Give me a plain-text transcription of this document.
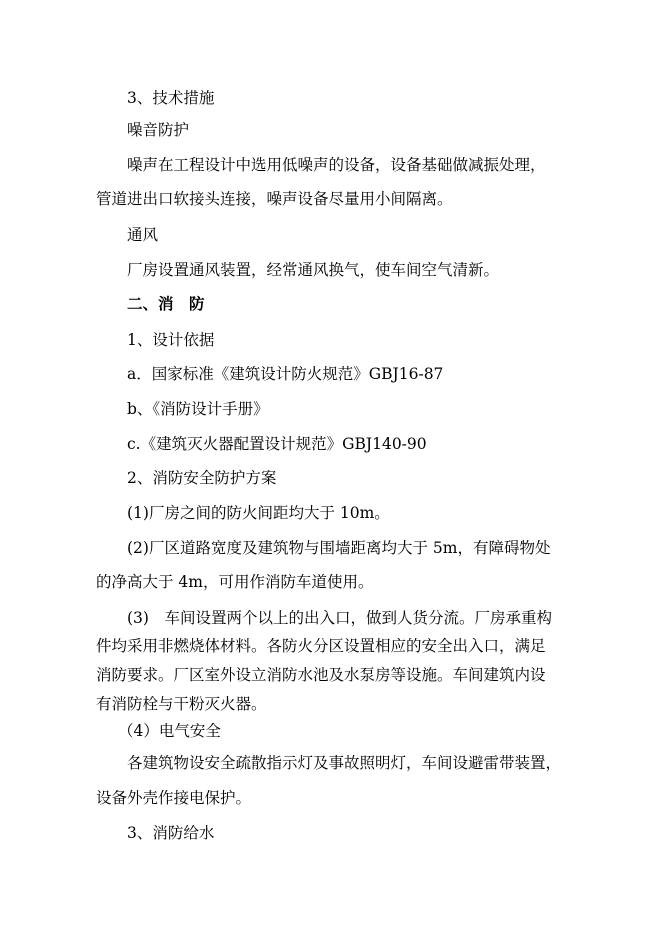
3、技术措施
噪音防护
噪声在工程设计中选用低噪声的设备，设备基础做减振处理，
管道进出口软接头连接，噪声设备尽量用小间隔离。
通风
厂房设置通风装置，经常通风换气，使车间空气清新。
二、消　防
1、设计依据
a．国家标准《建筑设计防火规范》GBJ16-87
b、《消防设计手册》
c.《建筑灭火器配置设计规范》GBJ140-90
2、消防安全防护方案
(1)厂房之间的防火间距均大于 10m。
(2)厂区道路宽度及建筑物与围墙距离均大于 5m，有障碍物处
的净高大于 4m，可用作消防车道使用。
(3)　车间设置两个以上的出入口，做到人货分流。厂房承重构
件均采用非燃烧体材料。各防火分区设置相应的安全出入口，满足
消防要求。厂区室外设立消防水池及水泵房等设施。车间建筑内设
有消防栓与干粉灭火器。
（4）电气安全
各建筑物设安全疏散指示灯及事故照明灯，车间设避雷带装置，
设备外壳作接电保护。
3、消防给水
